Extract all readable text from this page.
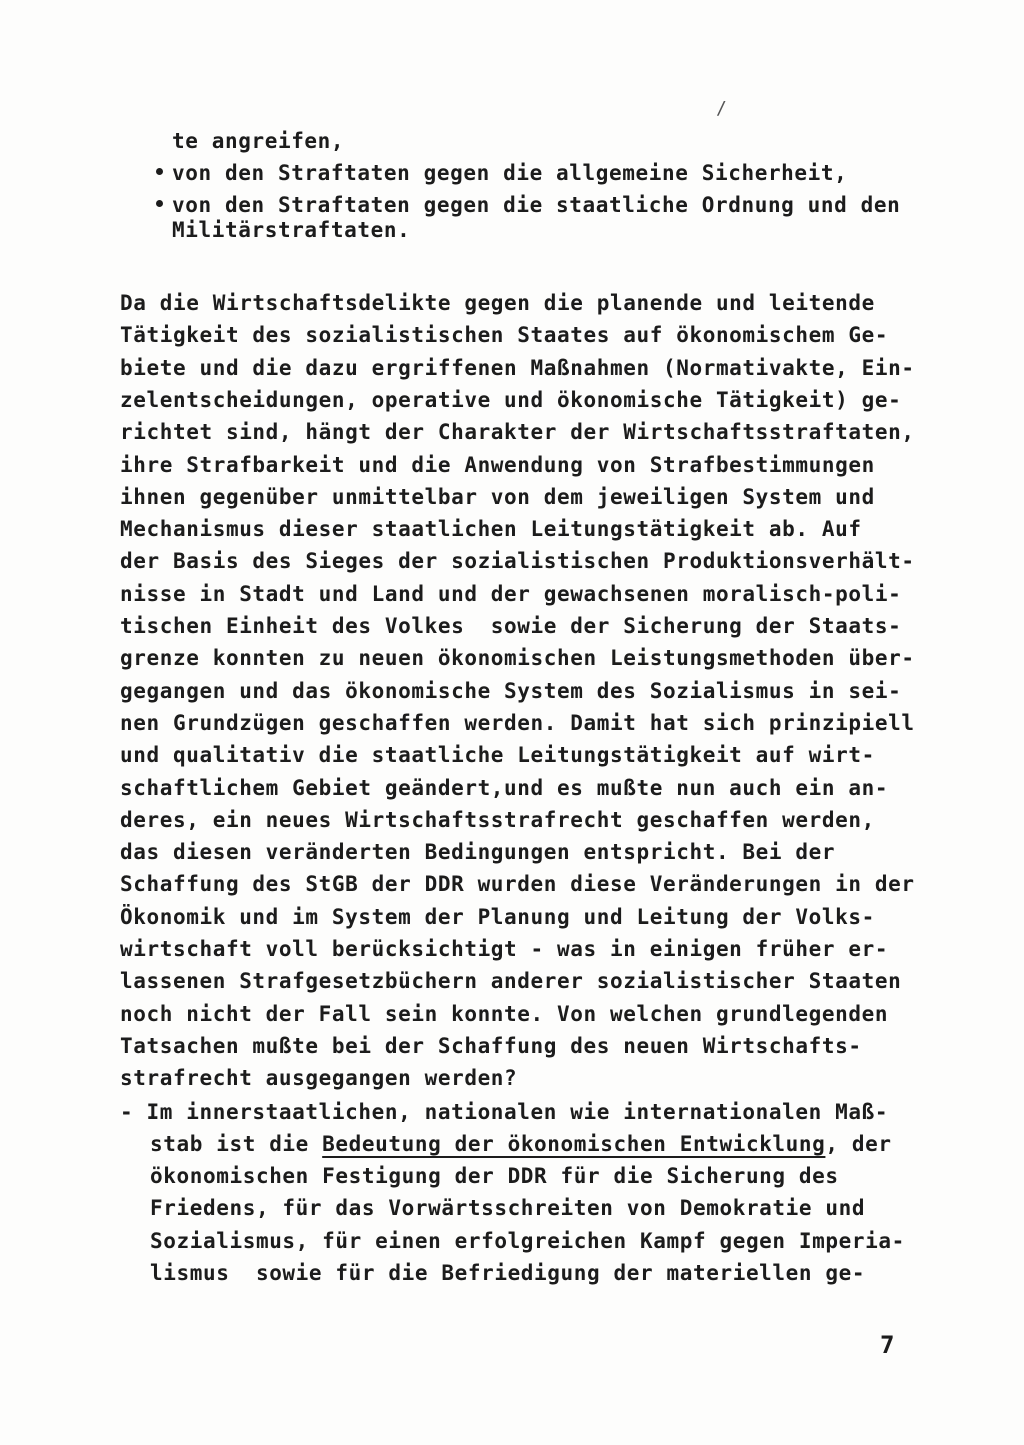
/
te angreifen,
von den Straftaten gegen die allgemeine Sicherheit,
von den Straftaten gegen die staatliche Ordnung und den
Militärstraftaten.
Da die Wirtschaftsdelikte gegen die planende und leitende
Tätigkeit des sozialistischen Staates auf ökonomischem Ge-
biete und die dazu ergriffenen Maßnahmen (Normativakte, Ein-
zelentscheidungen, operative und ökonomische Tätigkeit) ge-
richtet sind, hängt der Charakter der Wirtschaftsstraftaten,
ihre Strafbarkeit und die Anwendung von Strafbestimmungen
ihnen gegenüber unmittelbar von dem jeweiligen System und
Mechanismus dieser staatlichen Leitungstätigkeit ab. Auf
der Basis des Sieges der sozialistischen Produktionsverhält-
nisse in Stadt und Land und der gewachsenen moralisch-poli-
tischen Einheit des Volkes  sowie der Sicherung der Staats-
grenze konnten zu neuen ökonomischen Leistungsmethoden über-
gegangen und das ökonomische System des Sozialismus in sei-
nen Grundzügen geschaffen werden. Damit hat sich prinzipiell
und qualitativ die staatliche Leitungstätigkeit auf wirt-
schaftlichem Gebiet geändert,und es mußte nun auch ein an-
deres, ein neues Wirtschaftsstrafrecht geschaffen werden,
das diesen veränderten Bedingungen entspricht. Bei der
Schaffung des StGB der DDR wurden diese Veränderungen in der
Ökonomik und im System der Planung und Leitung der Volks-
wirtschaft voll berücksichtigt - was in einigen früher er-
lassenen Strafgesetzbüchern anderer sozialistischer Staaten
noch nicht der Fall sein konnte. Von welchen grundlegenden
Tatsachen mußte bei der Schaffung des neuen Wirtschafts-
strafrecht ausgegangen werden?
- Im innerstaatlichen, nationalen wie internationalen Maß-
stab ist die Bedeutung der ökonomischen Entwicklung, der
ökonomischen Festigung der DDR für die Sicherung des
Friedens, für das Vorwärtsschreiten von Demokratie und
Sozialismus, für einen erfolgreichen Kampf gegen Imperia-
lismus  sowie für die Befriedigung der materiellen ge-
7
